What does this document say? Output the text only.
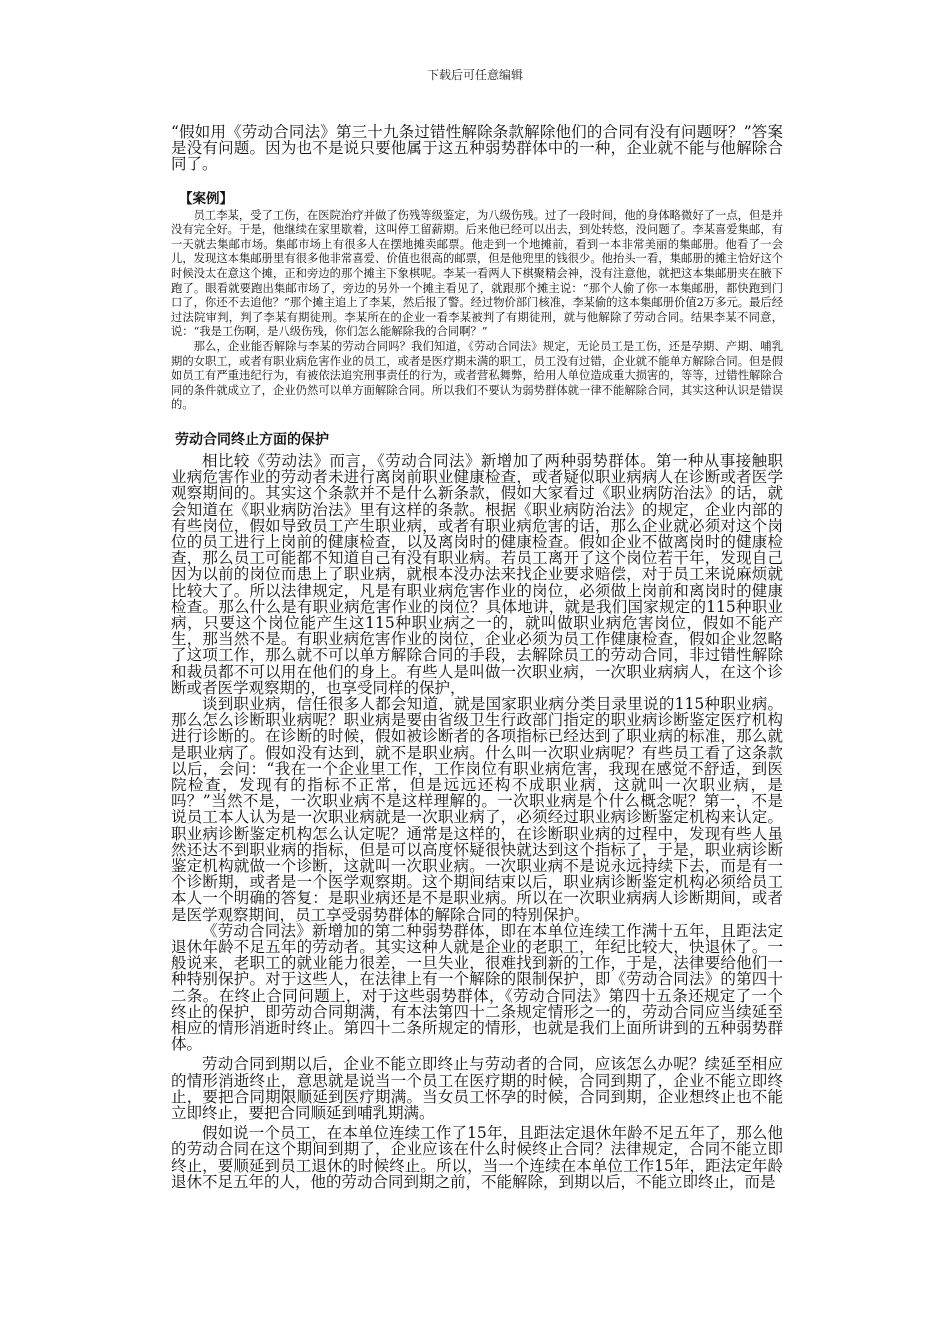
下载后可任意编辑

“假如用《劳动合同法》第三十九条过错性解除条款解除他们的合同有没有问题呀？”答案是没有问题。因为也不是说只要他属于这五种弱势群体中的一种，企业就不能与他解除合同了。

【案例】

员工李某，受了工伤，在医院治疗并做了伤残等级鉴定，为八级伤残。过了一段时间，他的身体略微好了一点，但是并没有完全好。于是，他继续在家里歇着，这叫停工留薪期。后来他已经可以出去，到处转悠，没问题了。李某喜爱集邮，有一天就去集邮市场。集邮市场上有很多人在摆地摊卖邮票。他走到一个地摊前，看到一本非常美丽的集邮册。他看了一会儿，发现这本集邮册里有很多他非常喜爱、价值也很高的邮票，但是他兜里的钱很少。他抬头一看，集邮册的摊主恰好这个时候没太在意这个摊，正和旁边的那个摊主下象棋呢。李某一看两人下棋聚精会神，没有注意他，就把这本集邮册夹在腋下跑了。眼看就要跑出集邮市场了，旁边的另外一个摊主看见了，就跟那个摊主说：“那个人偷了你一本集邮册，都快跑到门口了，你还不去追他？”那个摊主追上了李某，然后报了警。经过物价部门核准，李某偷的这本集邮册价值2万多元。最后经过法院审判，判了李某有期徒刑。李某所在的企业一看李某被判了有期徒刑，就与他解除了劳动合同。结果李某不同意，说：“我是工伤啊，是八级伤残，你们怎么能解除我的合同啊？”

那么，企业能否解除与李某的劳动合同吗？我们知道，《劳动合同法》规定，无论员工是工伤，还是孕期、产期、哺乳期的女职工，或者有职业病危害作业的员工，或者是医疗期未满的职工，员工没有过错，企业就不能单方解除合同。但是假如员工有严重违纪行为，有被依法追究刑事责任的行为，或者营私舞弊，给用人单位造成重大损害的，等等，过错性解除合同的条件就成立了，企业仍然可以单方面解除合同。所以我们不要认为弱势群体就一律不能解除合同，其实这种认识是错误的。

劳动合同终止方面的保护

相比较《劳动法》而言，《劳动合同法》新增加了两种弱势群体。第一种从事接触职业病危害作业的劳动者未进行离岗前职业健康检查，或者疑似职业病病人在诊断或者医学观察期间的。其实这个条款并不是什么新条款，假如大家看过《职业病防治法》的话，就会知道在《职业病防治法》里有这样的条款。根据《职业病防治法》的规定，企业内部的有些岗位，假如导致员工产生职业病，或者有职业病危害的话，那么企业就必须对这个岗位的员工进行上岗前的健康检查，以及离岗时的健康检查。假如企业不做离岗时的健康检查，那么员工可能都不知道自己有没有职业病。若员工离开了这个岗位若干年，发现自己因为以前的岗位而患上了职业病，就根本没办法来找企业要求赔偿，对于员工来说麻烦就比较大了。所以法律规定，凡是有职业病危害作业的岗位，必须做上岗前和离岗时的健康检查。那么什么是有职业病危害作业的岗位？具体地讲，就是我们国家规定的115种职业病，只要这个岗位能产生这115种职业病之一的，就叫做职业病危害岗位，假如不能产生，那当然不是。有职业病危害作业的岗位，企业必须为员工作健康检查，假如企业忽略了这项工作，那么就不可以单方解除合同的手段，去解除员工的劳动合同，非过错性解除和裁员都不可以用在他们的身上。有些人是叫做一次职业病，一次职业病病人，在这个诊断或者医学观察期的，也享受同样的保护，

谈到职业病，信任很多人都会知道，就是国家职业病分类目录里说的115种职业病。那么怎么诊断职业病呢？职业病是要由省级卫生行政部门指定的职业病诊断鉴定医疗机构进行诊断的。在诊断的时候，假如被诊断者的各项指标已经达到了职业病的标准，那么就是职业病了。假如没有达到，就不是职业病。什么叫一次职业病呢？有些员工看了这条款以后，会问：“我在一个企业里工作，工作岗位有职业病危害，我现在感觉不舒适，到医院检查，发现有的指标不正常，但是远远还构不成职业病，这就叫一次职业病，是吗？”当然不是，一次职业病不是这样理解的。一次职业病是个什么概念呢？第一，不是说员工本人认为是一次职业病就是一次职业病了，必须经过职业病诊断鉴定机构来认定。职业病诊断鉴定机构怎么认定呢？通常是这样的，在诊断职业病的过程中，发现有些人虽然还达不到职业病的指标，但是可以高度怀疑很快就达到这个指标了，于是，职业病诊断鉴定机构就做一个诊断，这就叫一次职业病。一次职业病不是说永远持续下去，而是有一个诊断期，或者是一个医学观察期。这个期间结束以后，职业病诊断鉴定机构必须给员工本人一个明确的答复：是职业病还是不是职业病。所以在一次职业病病人诊断期间，或者是医学观察期间，员工享受弱势群体的解除合同的特别保护。

《劳动合同法》新增加的第二种弱势群体，即在本单位连续工作满十五年，且距法定退休年龄不足五年的劳动者。其实这种人就是企业的老职工，年纪比较大，快退休了。一般说来，老职工的就业能力很差，一旦失业，很难找到新的工作，于是，法律要给他们一种特别保护。对于这些人，在法律上有一个解除的限制保护，即《劳动合同法》的第四十二条。在终止合同问题上，对于这些弱势群体，《劳动合同法》第四十五条还规定了一个终止的保护，即劳动合同期满，有本法第四十二条规定情形之一的，劳动合同应当续延至相应的情形消逝时终止。第四十二条所规定的情形，也就是我们上面所讲到的五种弱势群体。

劳动合同到期以后，企业不能立即终止与劳动者的合同，应该怎么办呢？续延至相应的情形消逝终止，意思就是说当一个员工在医疗期的时候，合同到期了，企业不能立即终止，要把合同期限顺延到医疗期满。当女员工怀孕的时候，合同到期，企业想终止也不能立即终止，要把合同顺延到哺乳期满。

假如说一个员工，在本单位连续工作了15年，且距法定退休年龄不足五年了，那么他的劳动合同在这个期间到期了，企业应该在什么时候终止合同？法律规定，合同不能立即终止，要顺延到员工退休的时候终止。所以，当一个连续在本单位工作15年，距法定年龄退休不足五年的人，他的劳动合同到期之前，不能解除，到期以后，不能立即终止，而是
